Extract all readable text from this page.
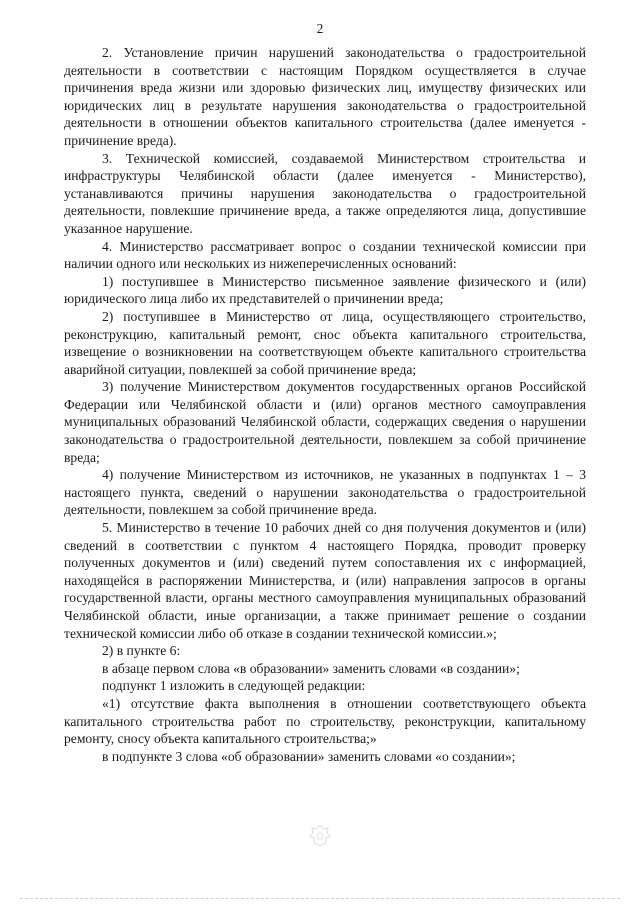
2

2. Установление причин нарушений законодательства о градостроительной деятельности в соответствии с настоящим Порядком осуществляется в случае причинения вреда жизни или здоровью физических лиц, имуществу физических или юридических лиц в результате нарушения законодательства о градостроительной деятельности в отношении объектов капитального строительства (далее именуется - причинение вреда).

3. Технической комиссией, создаваемой Министерством строительства и инфраструктуры Челябинской области (далее именуется - Министерство), устанавливаются причины нарушения законодательства о градостроительной деятельности, повлекшие причинение вреда, а также определяются лица, допустившие указанное нарушение.

4. Министерство рассматривает вопрос о создании технической комиссии при наличии одного или нескольких из нижеперечисленных оснований:

1) поступившее в Министерство письменное заявление физического и (или) юридического лица либо их представителей о причинении вреда;

2) поступившее в Министерство от лица, осуществляющего строительство, реконструкцию, капитальный ремонт, снос объекта капитального строительства, извещение о возникновении на соответствующем объекте капитального строительства аварийной ситуации, повлекшей за собой причинение вреда;

3) получение Министерством документов государственных органов Российской Федерации или Челябинской области и (или) органов местного самоуправления муниципальных образований Челябинской области, содержащих сведения о нарушении законодательства о градостроительной деятельности, повлекшем за собой причинение вреда;

4) получение Министерством из источников, не указанных в подпунктах 1 – 3 настоящего пункта, сведений о нарушении законодательства о градостроительной деятельности, повлекшем за собой причинение вреда.

5. Министерство в течение 10 рабочих дней со дня получения документов и (или) сведений в соответствии с пунктом 4 настоящего Порядка, проводит проверку полученных документов и (или) сведений путем сопоставления их с информацией, находящейся в распоряжении Министерства, и (или) направления запросов в органы государственной власти, органы местного самоуправления муниципальных образований Челябинской области, иные организации, а также принимает решение о создании технической комиссии либо об отказе в создании технической комиссии.»;

2) в пункте 6:

в абзаце первом слова «в образовании» заменить словами «в создании»;

подпункт 1 изложить в следующей редакции:

«1) отсутствие факта выполнения в отношении соответствующего объекта капитального строительства работ по строительству, реконструкции, капитальному ремонту, сносу объекта капитального строительства;»

в подпункте 3 слова «об образовании» заменить словами «о создании»;
